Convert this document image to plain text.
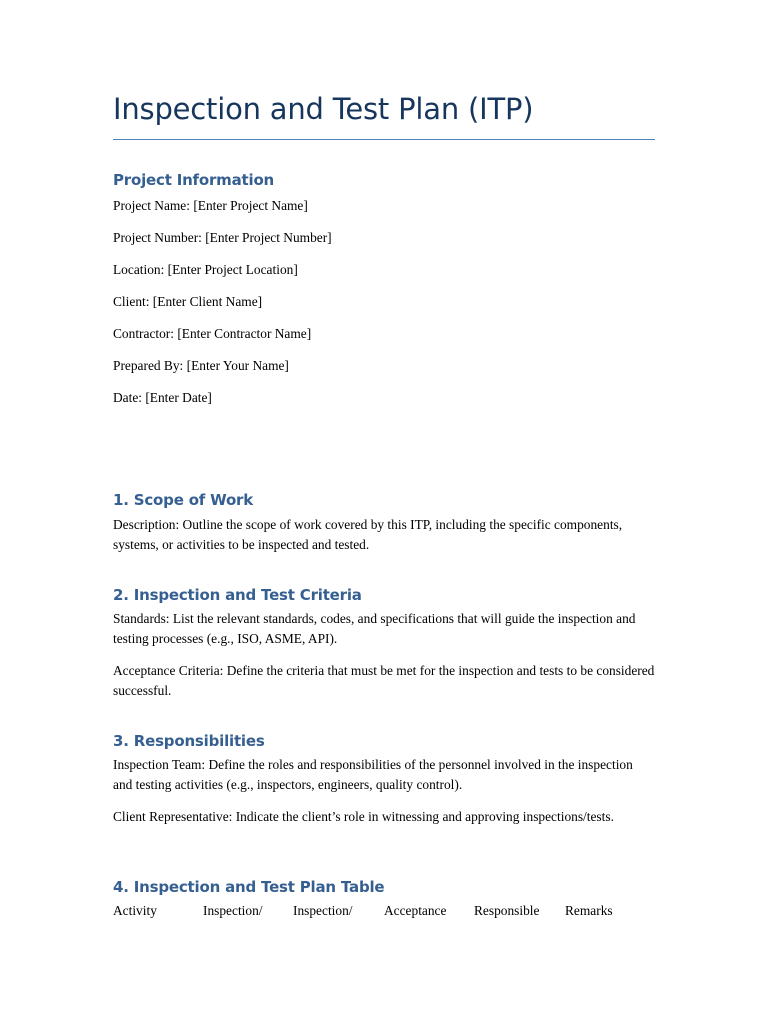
Inspection and Test Plan (ITP)
Project Information
Project Name: [Enter Project Name]
Project Number: [Enter Project Number]
Location: [Enter Project Location]
Client: [Enter Client Name]
Contractor: [Enter Contractor Name]
Prepared By: [Enter Your Name]
Date: [Enter Date]
1. Scope of Work
Description: Outline the scope of work covered by this ITP, including the specific components, systems, or activities to be inspected and tested.
2. Inspection and Test Criteria
Standards: List the relevant standards, codes, and specifications that will guide the inspection and testing processes (e.g., ISO, ASME, API).
Acceptance Criteria: Define the criteria that must be met for the inspection and tests to be considered successful.
3. Responsibilities
Inspection Team: Define the roles and responsibilities of the personnel involved in the inspection and testing activities (e.g., inspectors, engineers, quality control).
Client Representative: Indicate the client’s role in witnessing and approving inspections/tests.
4. Inspection and Test Plan Table
Activity	Inspection/ Inspection/ Acceptance Responsible Remarks
